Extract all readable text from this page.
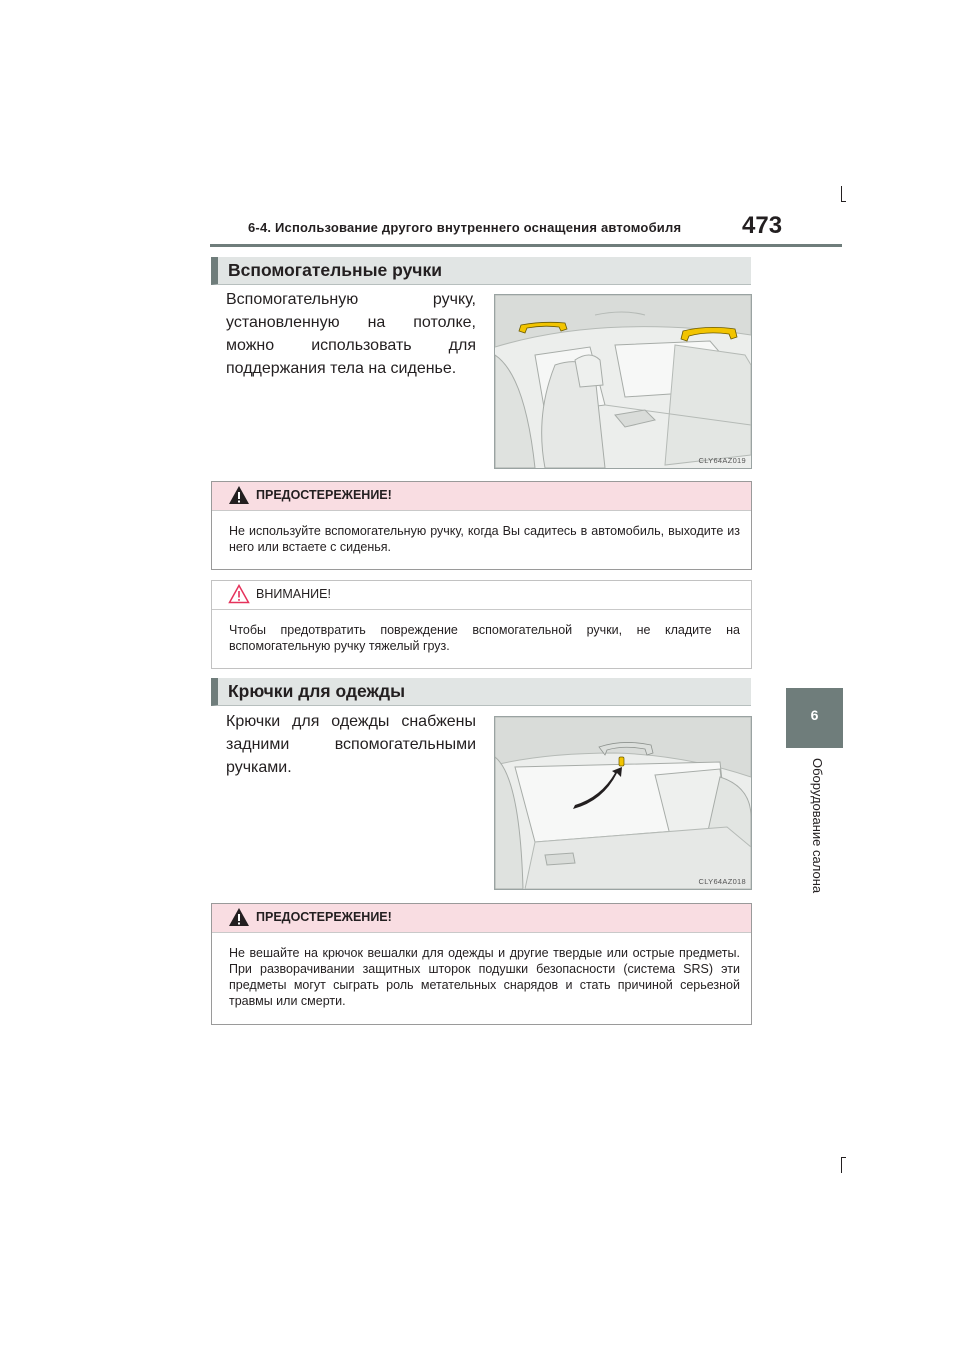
6-4. Использование другого внутреннего оснащения автомобиля	473
6
Оборудование салона
Вспомогательные ручки
Вспомогательную ручку,
установленную на потолке,
можно использовать для
поддержания тела на сиденье.
CLY64AZ019
ПРЕДОСТЕРЕЖЕНИЕ!
Не используйте вспомогательную ручку, когда Вы садитесь в автомобиль, выходите из него или встаете с сиденья.
ВНИМАНИЕ!
Чтобы предотвратить повреждение вспомогательной ручки, не кладите на вспомогательную ручку тяжелый груз.
Крючки для одежды
Крючки для одежды снабжены
задними вспомогательными
ручками.
CLY64AZ018
ПРЕДОСТЕРЕЖЕНИЕ!
Не вешайте на крючок вешалки для одежды и другие твердые или острые предметы. При разворачивании защитных шторок подушки безопасности (система SRS) эти предметы могут сыграть роль метательных снарядов и стать причиной серьезной травмы или смерти.
